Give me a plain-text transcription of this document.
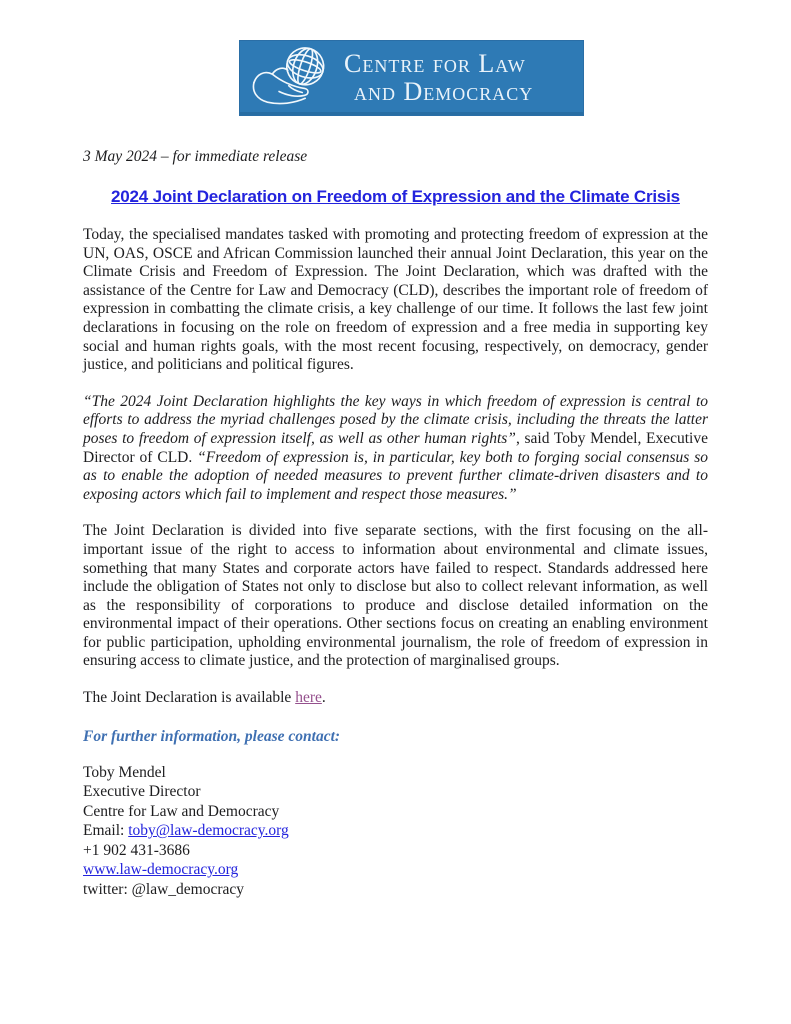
Centre for Law
and Democracy

3 May 2024 – for immediate release

2024 Joint Declaration on Freedom of Expression and the Climate Crisis

Today, the specialised mandates tasked with promoting and protecting freedom of expression at the UN, OAS, OSCE and African Commission launched their annual Joint Declaration, this year on the Climate Crisis and Freedom of Expression. The Joint Declaration, which was drafted with the assistance of the Centre for Law and Democracy (CLD), describes the important role of freedom of expression in combatting the climate crisis, a key challenge of our time. It follows the last few joint declarations in focusing on the role on freedom of expression and a free media in supporting key social and human rights goals, with the most recent focusing, respectively, on democracy, gender justice, and politicians and political figures.

“The 2024 Joint Declaration highlights the key ways in which freedom of expression is central to efforts to address the myriad challenges posed by the climate crisis, including the threats the latter poses to freedom of expression itself, as well as other human rights”, said Toby Mendel, Executive Director of CLD. “Freedom of expression is, in particular, key both to forging social consensus so as to enable the adoption of needed measures to prevent further climate-driven disasters and to exposing actors which fail to implement and respect those measures.”

The Joint Declaration is divided into five separate sections, with the first focusing on the all-important issue of the right to access to information about environmental and climate issues, something that many States and corporate actors have failed to respect. Standards addressed here include the obligation of States not only to disclose but also to collect relevant information, as well as the responsibility of corporations to produce and disclose detailed information on the environmental impact of their operations. Other sections focus on creating an enabling environment for public participation, upholding environmental journalism, the role of freedom of expression in ensuring access to climate justice, and the protection of marginalised groups.

The Joint Declaration is available here.

For further information, please contact:

Toby Mendel
Executive Director
Centre for Law and Democracy
Email: toby@law-democracy.org
+1 902 431-3686
www.law-democracy.org
twitter: @law_democracy
